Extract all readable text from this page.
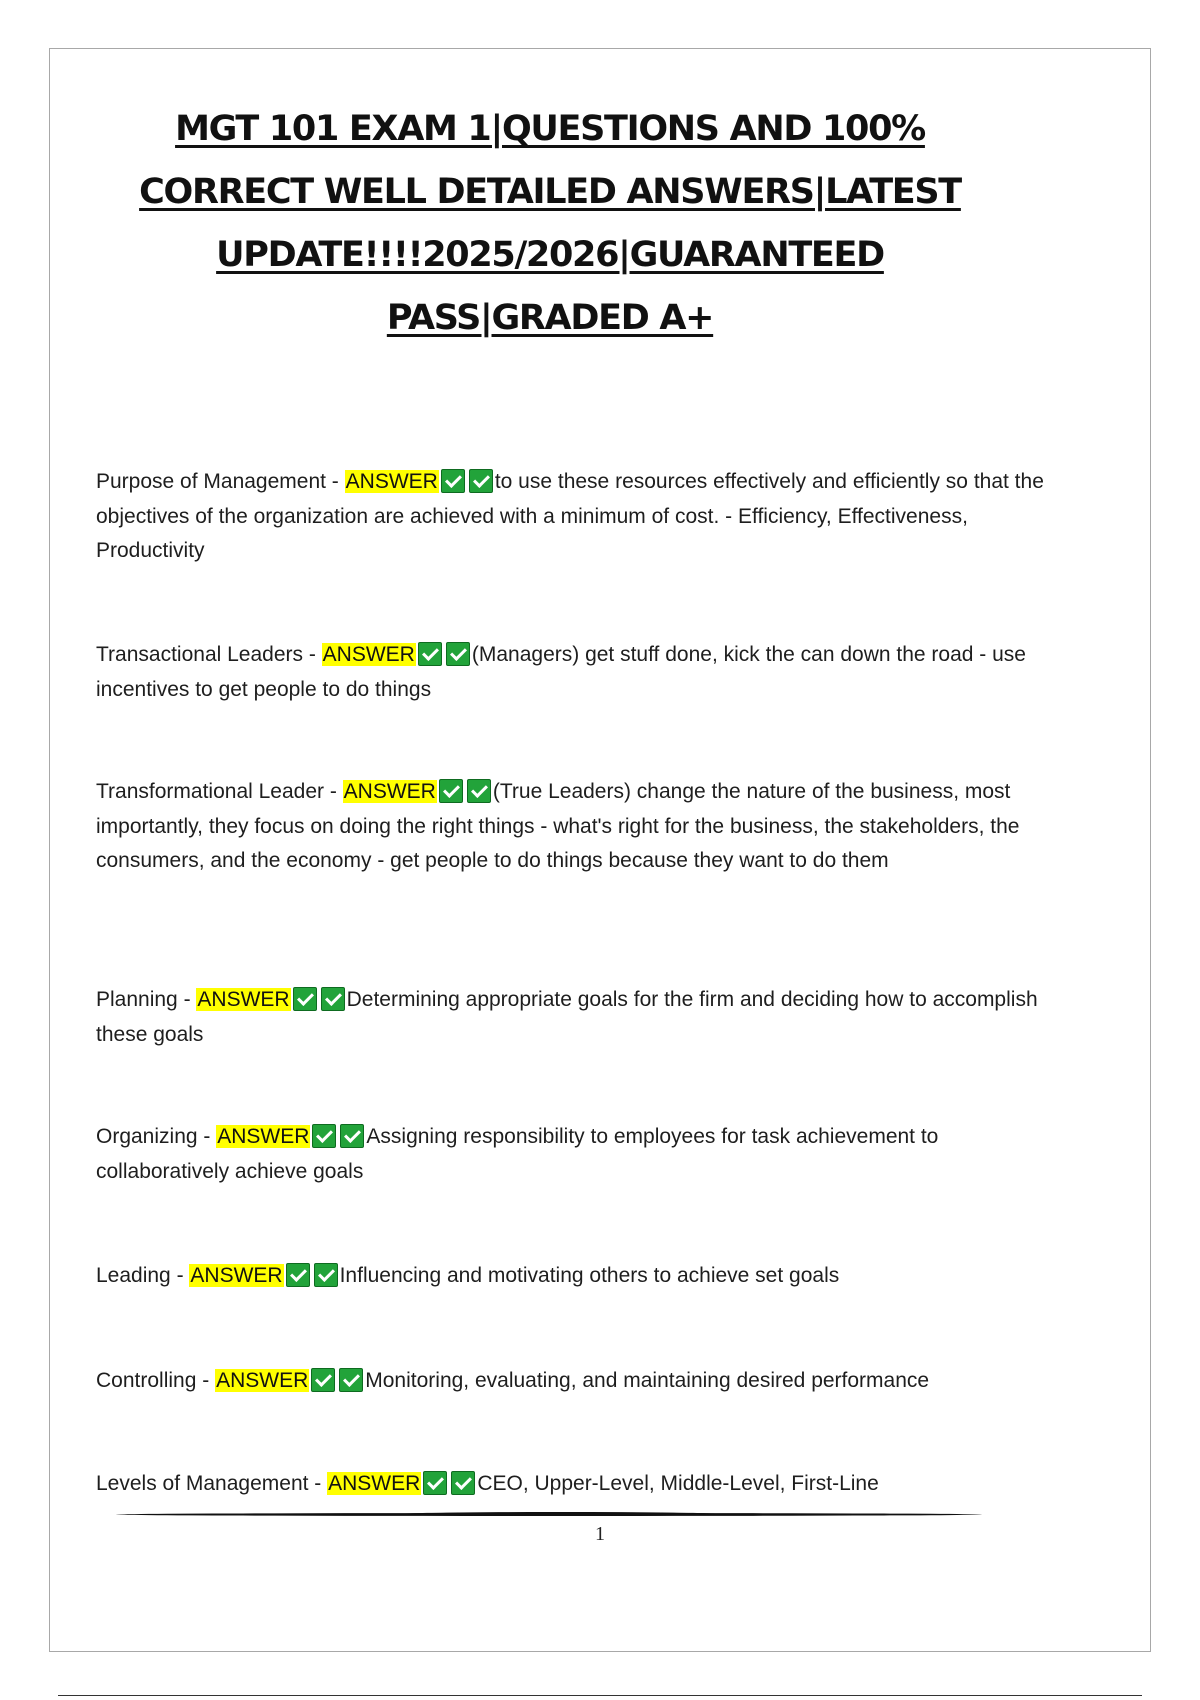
MGT 101 EXAM 1|QUESTIONS AND 100%
CORRECT WELL DETAILED ANSWERS|LATEST
UPDATE!!!!2025/2026|GUARANTEED
PASS|GRADED A+
Purpose of Management - ANSWER	to use these resources effectively and efficiently so that the objectives of the organization are achieved with a minimum of cost. - Efficiency, Effectiveness, Productivity
Transactional Leaders - ANSWER	(Managers) get stuff done, kick the can down the road - use incentives to get people to do things
Transformational Leader - ANSWER	(True Leaders) change the nature of the business, most importantly, they focus on doing the right things - what's right for the business, the stakeholders, the consumers, and the economy - get people to do things because they want to do them
Planning - ANSWER	Determining appropriate goals for the firm and deciding how to accomplish these goals
Organizing - ANSWER	Assigning responsibility to employees for task achievement to collaboratively achieve goals
Leading - ANSWER	Influencing and motivating others to achieve set goals
Controlling - ANSWER	Monitoring, evaluating, and maintaining desired performance
Levels of Management - ANSWER	CEO, Upper-Level, Middle-Level, First-Line
1
